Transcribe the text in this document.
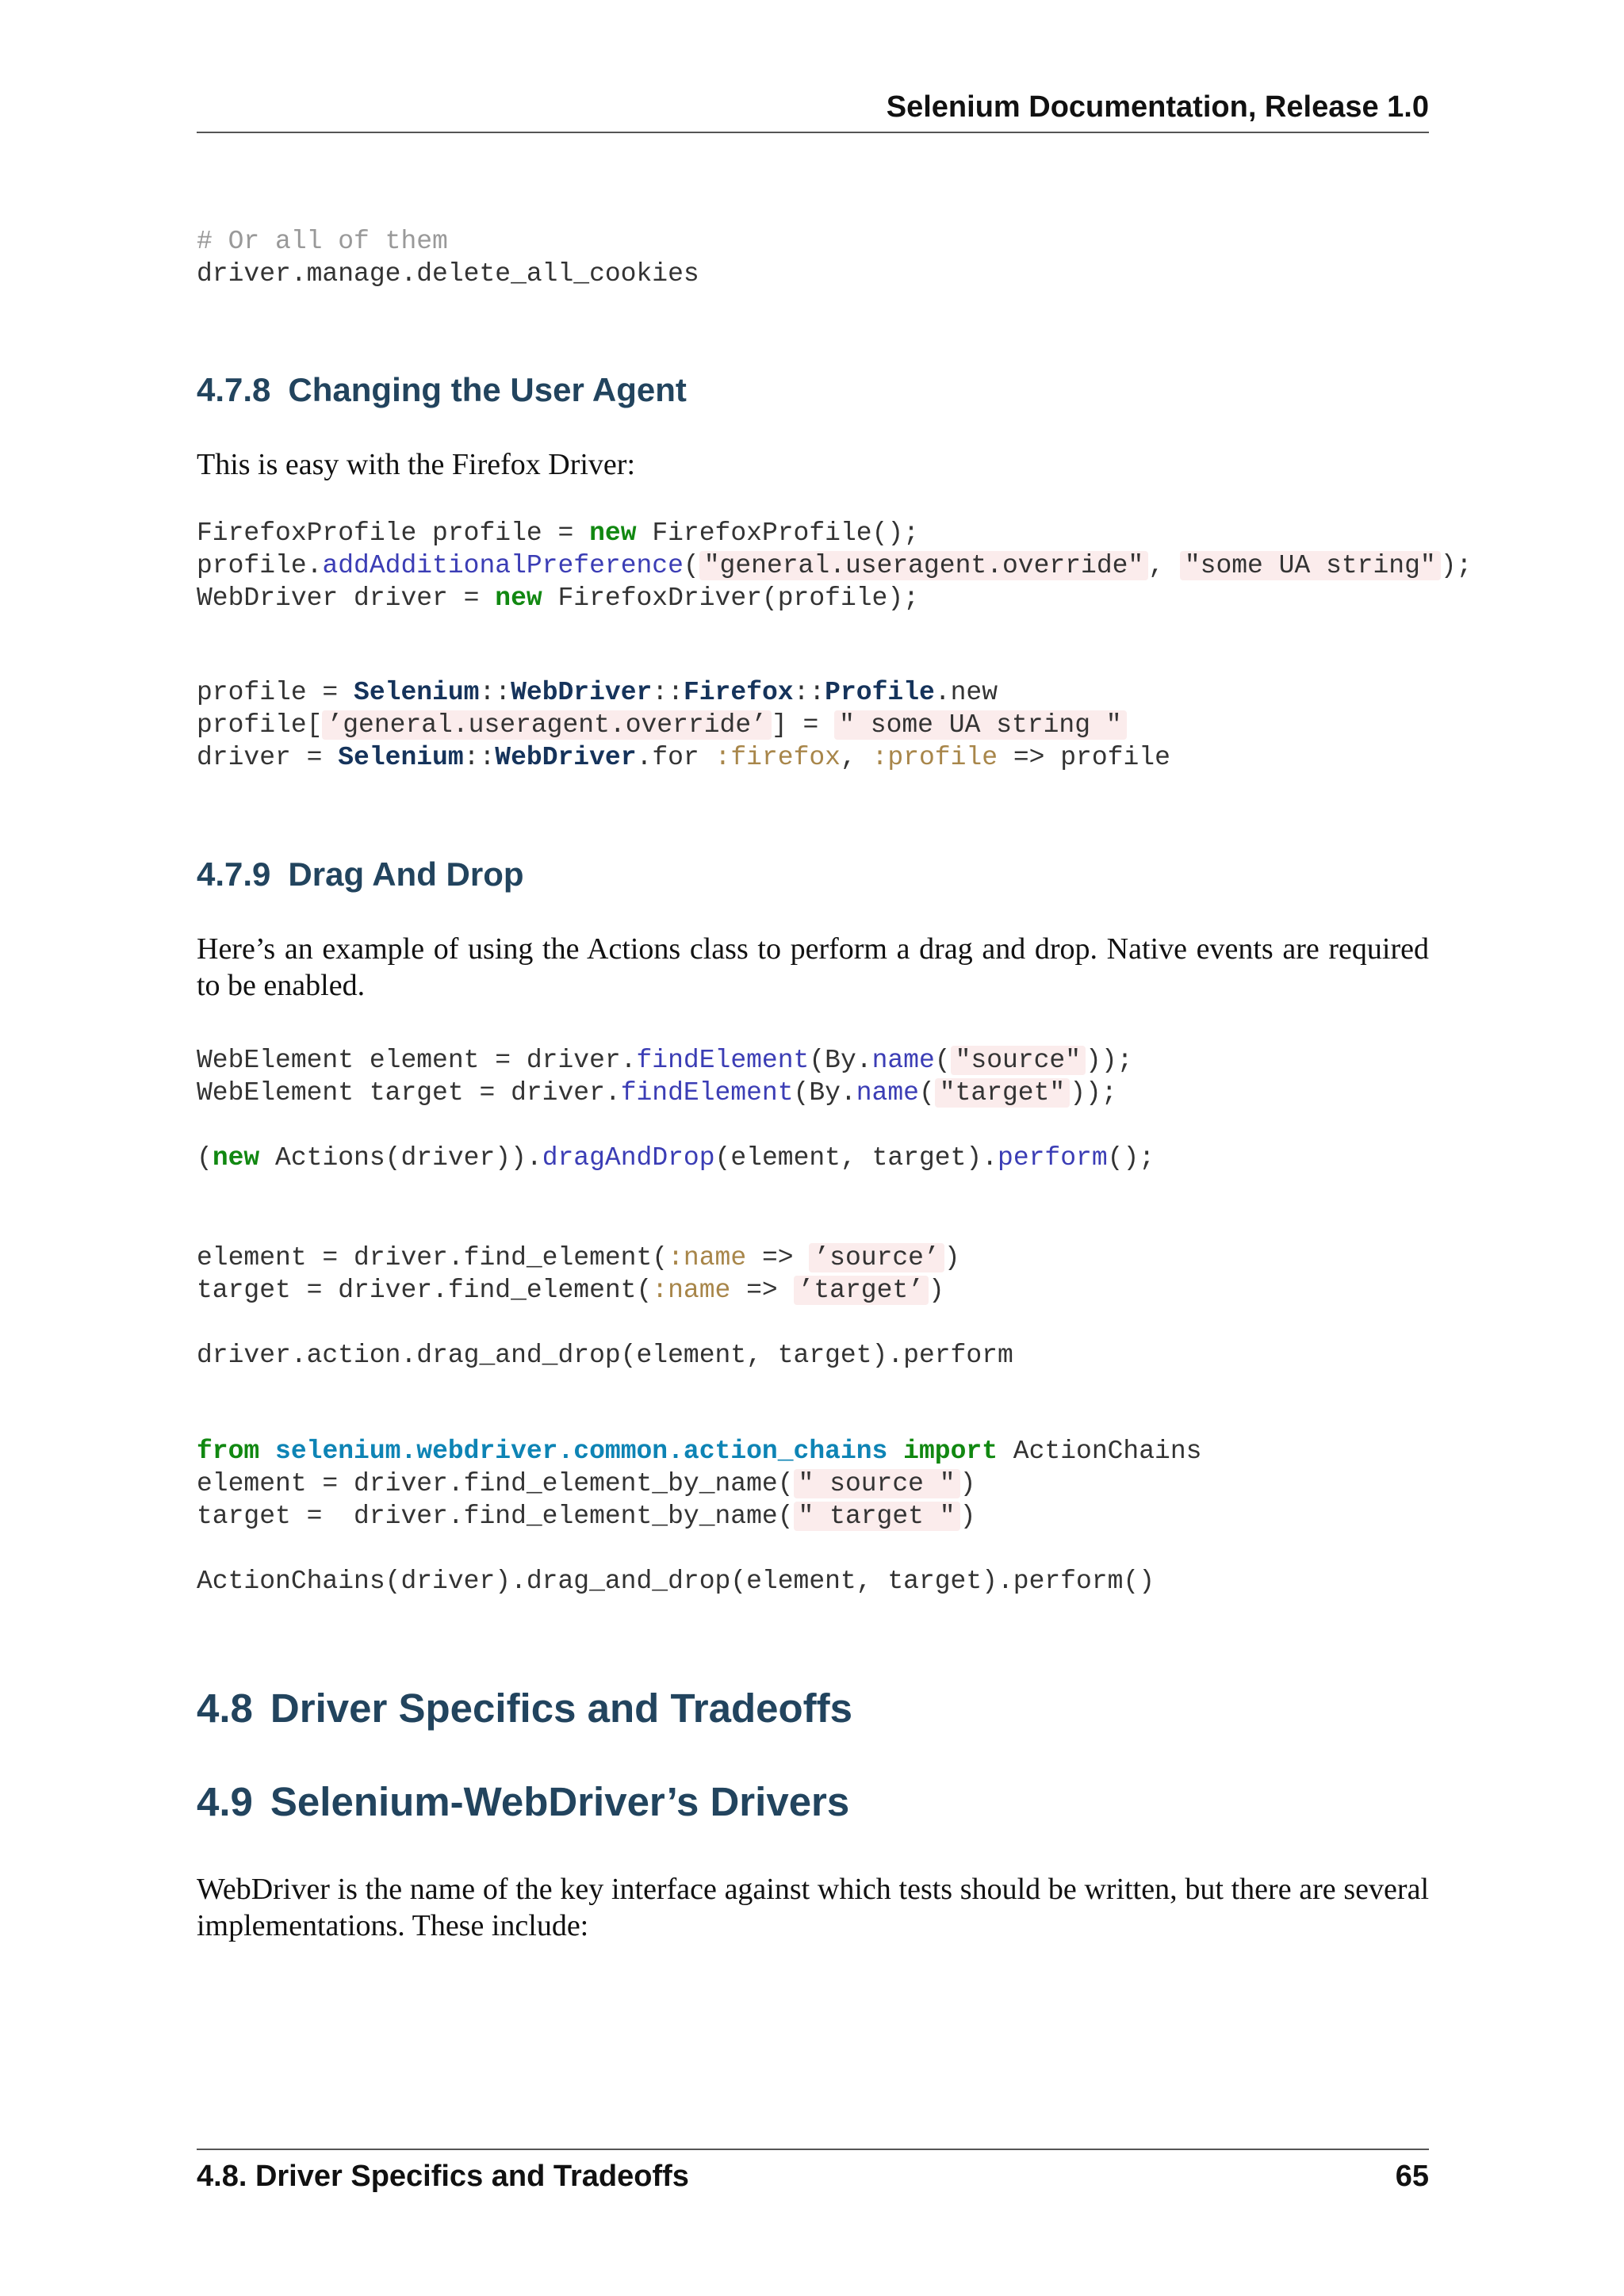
Selenium Documentation, Release 1.0
# Or all of them
driver.manage.delete_all_cookies
4.7.8 Changing the User Agent

This is easy with the Firefox Driver:

FirefoxProfile profile = new FirefoxProfile();
profile.addAdditionalPreference( "general.useragent.override" , "some UA string" );
WebDriver driver = new FirefoxDriver(profile);
profile = Selenium::WebDriver::Firefox::Profile.new
profile[ ’general.useragent.override’ ] = " some UA string "
driver = Selenium::WebDriver.for :firefox, :profile => profile
4.7.9 Drag And Drop

Here’s an example of using the Actions class to perform a drag and drop. Native events are required to be enabled.

WebElement element = driver.findElement(By.name( "source" ));
WebElement target = driver.findElement(By.name( "target" ));

(new Actions(driver)).dragAndDrop(element, target).perform();
element = driver.find_element(:name => ’source’ )
target = driver.find_element(:name => ’target’ )

driver.action.drag_and_drop(element, target).perform
from selenium.webdriver.common.action_chains import ActionChains
element = driver.find_element_by_name( " source " )
target =  driver.find_element_by_name( " target " )

ActionChains(driver).drag_and_drop(element, target).perform()
4.8 Driver Specifics and Tradeoffs
4.9 Selenium-WebDriver’s Drivers

WebDriver is the name of the key interface against which tests should be written, but there are several implementations. These include:

4.8. Driver Specifics and Tradeoffs	65
